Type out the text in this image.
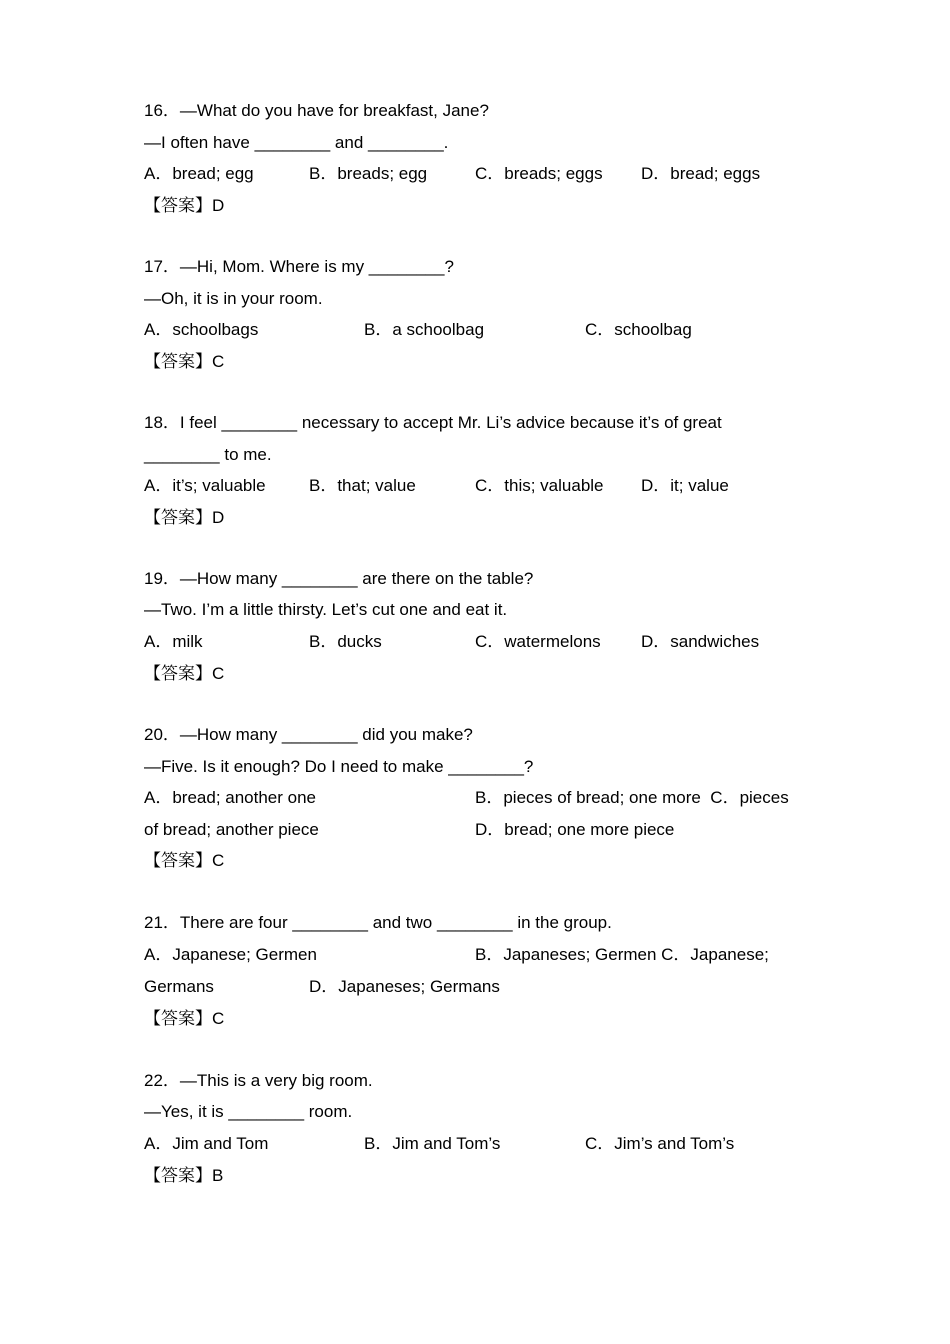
16．—What do you have for breakfast, Jane?
—I often have ________ and ________.
A．bread; egg	B．breads; egg	C．breads; eggs D．bread; eggs
【答案】D
17．—Hi, Mom. Where is my ________?
—Oh, it is in your room.
A．schoolbags	B．a schoolbag	C．schoolbag
【答案】C
18．I feel ________ necessary to accept Mr. Li’s advice because it’s of great
________ to me.
A．it’s; valuable	B．that; value	C．this; valuable D．it; value
【答案】D
19．—How many ________ are there on the table?
—Two. I’m a little thirsty. Let’s cut one and eat it.
A．milk	B．ducks	C．watermelons D．sandwiches
【答案】C
20．—How many ________ did you make?
—Five. Is it enough? Do I need to make ________?
A．bread; another one	B．pieces of bread; one more  C．pieces
of bread; another piece	D．bread; one more piece
【答案】C
21．There are four ________ and two ________ in the group.
A．Japanese; Germen	B．Japaneses; Germen C．Japanese;
Germans	D．Japaneses; Germans
【答案】C
22．—This is a very big room.
—Yes, it is ________ room.
A．Jim and Tom	B．Jim and Tom’s	C．Jim’s and Tom’s
【答案】B
